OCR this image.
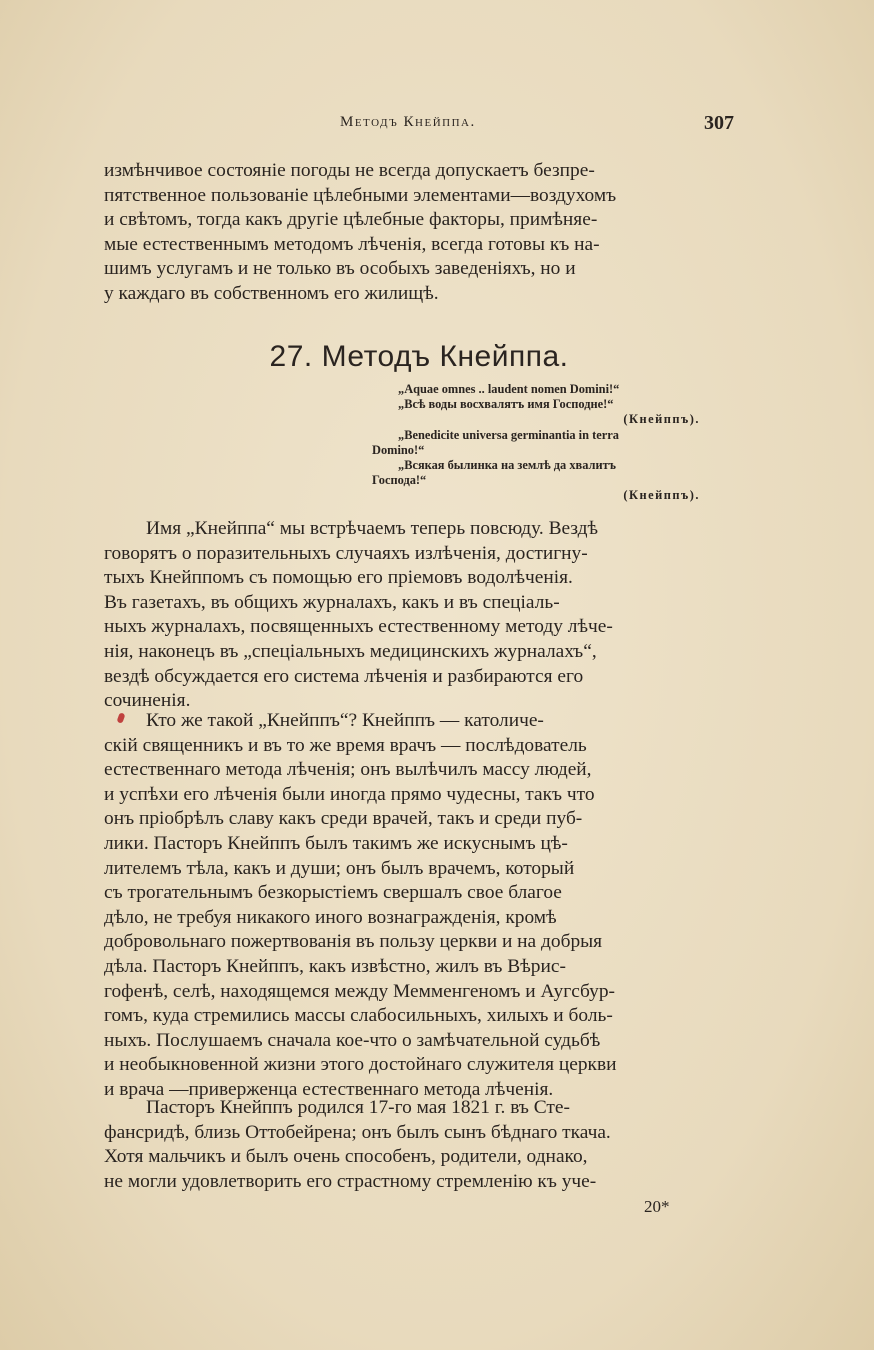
Методъ Кнейппа.	307

измѣнчивое состояніе погоды не всегда допускаетъ безпре-

пятственное пользованіе цѣлебными элементами—воздухомъ

и свѣтомъ, тогда какъ другіе цѣлебные факторы, примѣняе-

мые естественнымъ методомъ лѣченія, всегда готовы къ на-

шимъ услугамъ и не только въ особыхъ заведеніяхъ, но и

у каждаго въ собственномъ его жилищѣ.

27. Методъ Кнейппа.

„Aquae omnes .. laudent nomen Domini!“

„Всѣ воды восхвалятъ имя Господне!“

(Кнейппъ).

„Benedicite universa germinantia in terra

Domino!“

„Всякая былинка на землѣ да хвалитъ

Господа!“

(Кнейппъ).

Имя „Кнейппа“ мы встрѣчаемъ теперь повсюду. Вездѣ

говорятъ о поразительныхъ случаяхъ излѣченія, достигну-

тыхъ Кнейппомъ съ помощью его пріемовъ водолѣченія.

Въ газетахъ, въ общихъ журналахъ, какъ и въ спеціаль-

ныхъ журналахъ, посвященныхъ естественному методу лѣче-

нія, наконецъ въ „спеціальныхъ медицинскихъ журналахъ“,

вездѣ обсуждается его система лѣченія и разбираются его

сочиненія.

Кто же такой „Кнейппъ“? Кнейппъ — католиче-

скій священникъ и въ то же время врачъ — послѣдователь

естественнаго метода лѣченія; онъ вылѣчилъ массу людей,

и успѣхи его лѣченія были иногда прямо чудесны, такъ что

онъ пріобрѣлъ славу какъ среди врачей, такъ и среди пуб-

лики. Пасторъ Кнейппъ былъ такимъ же искуснымъ цѣ-

лителемъ тѣла, какъ и души; онъ былъ врачемъ, который

съ трогательнымъ безкорыстіемъ свершалъ свое благое

дѣло, не требуя никакого иного вознагражденія, кромѣ

добровольнаго пожертвованія въ пользу церкви и на добрыя

дѣла. Пасторъ Кнейппъ, какъ извѣстно, жилъ въ Вѣрис-

гофенѣ, селѣ, находящемся между Мемменгеномъ и Аугсбур-

гомъ, куда стремились массы слабосильныхъ, хилыхъ и боль-

ныхъ. Послушаемъ сначала кое-что о замѣчательной судьбѣ

и необыкновенной жизни этого достойнаго служителя церкви

и врача —приверженца естественнаго метода лѣченія.

Пасторъ Кнейппъ родился 17-го мая 1821 г. въ Сте-

фансридѣ, близь Оттобейрена; онъ былъ сынъ бѣднаго ткача.

Хотя мальчикъ и былъ очень способенъ, родители, однако,

не могли удовлетворить его страстному стремленію къ уче-

20*
